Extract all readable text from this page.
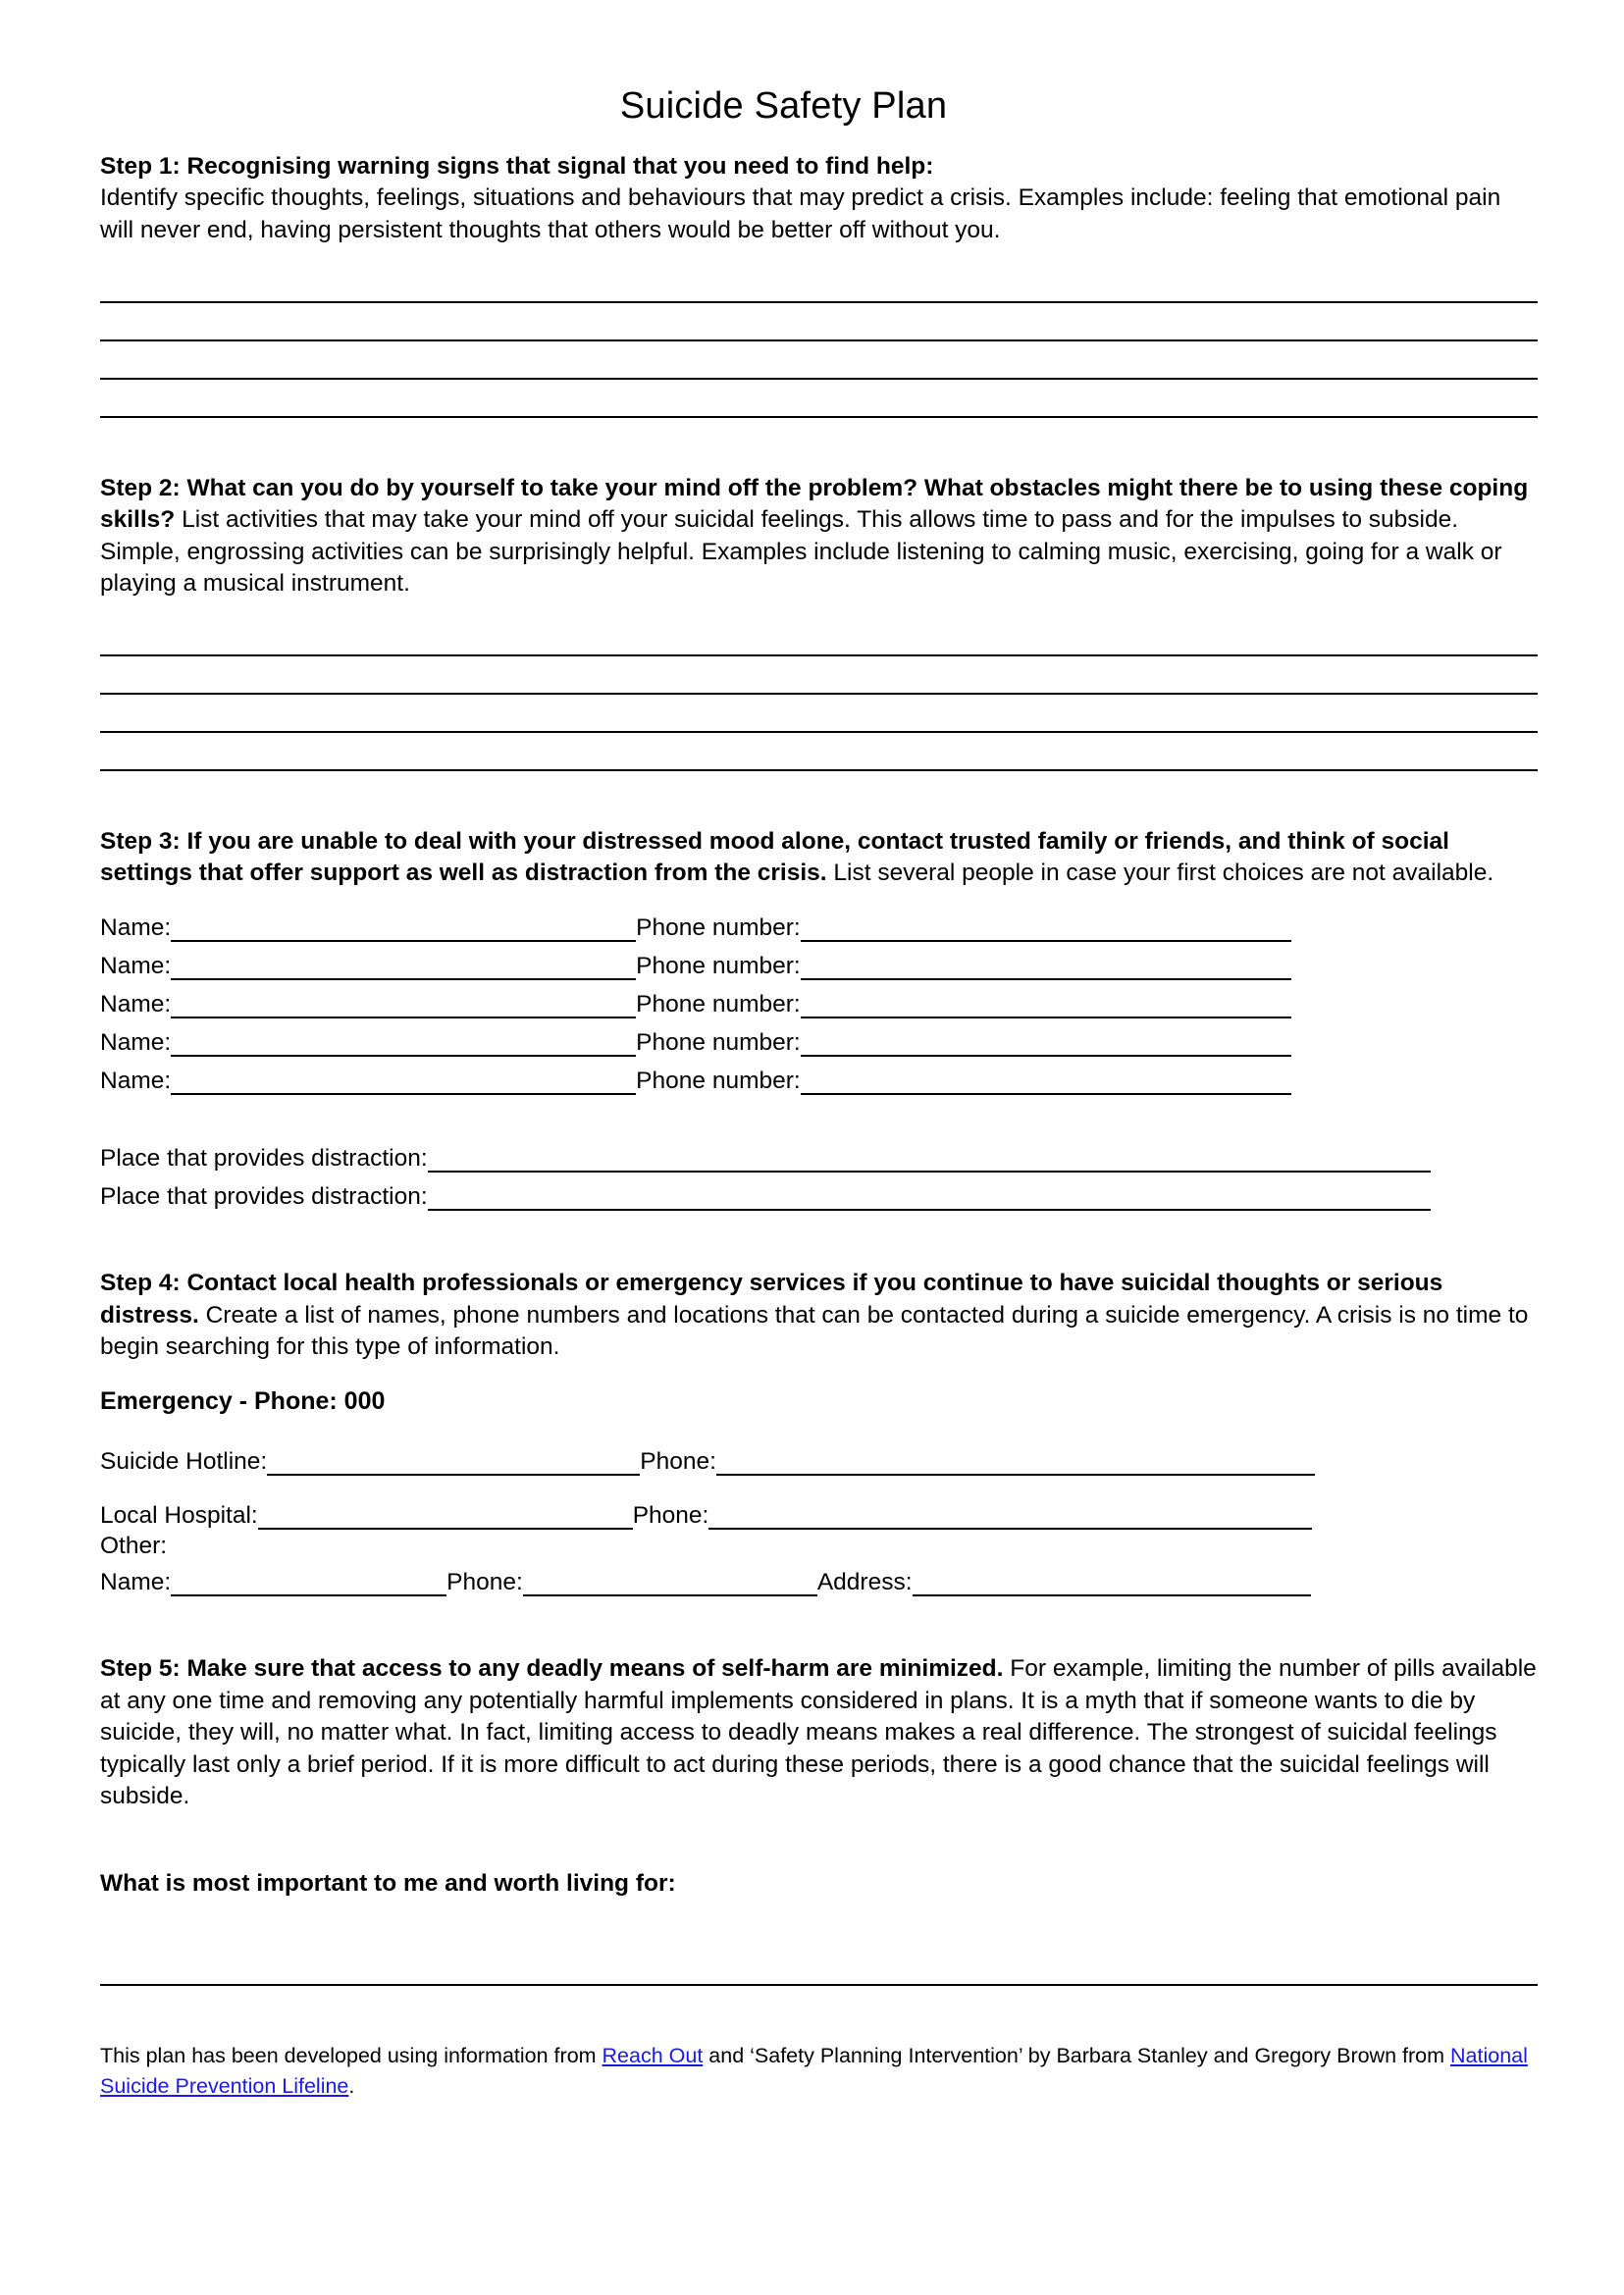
Suicide Safety Plan

Step 1: Recognising warning signs that signal that you need to find help:
Identify specific thoughts, feelings, situations and behaviours that may predict a crisis. Examples include: feeling that emotional pain will never end, having persistent thoughts that others would be better off without you.

Step 2: What can you do by yourself to take your mind off the problem? What obstacles might there be to using these coping skills? List activities that may take your mind off your suicidal feelings. This allows time to pass and for the impulses to subside. Simple, engrossing activities can be surprisingly helpful. Examples include listening to calming music, exercising, going for a walk or playing a musical instrument.

Step 3: If you are unable to deal with your distressed mood alone, contact trusted family or friends, and think of social settings that offer support as well as distraction from the crisis. List several people in case your first choices are not available.

Name:	Phone number:
Name:	Phone number:
Name:	Phone number:
Name:	Phone number:
Name:	Phone number:
Place that provides distraction:
Place that provides distraction:

Step 4: Contact local health professionals or emergency services if you continue to have suicidal thoughts or serious distress. Create a list of names, phone numbers and locations that can be contacted during a suicide emergency. A crisis is no time to begin searching for this type of information.

Emergency - Phone: 000

Suicide Hotline:	Phone:
Local Hospital:	Phone:

Other:

Name:	Phone:	Address:

Step 5: Make sure that access to any deadly means of self-harm are minimized. For example, limiting the number of pills available at any one time and removing any potentially harmful implements considered in plans. It is a myth that if someone wants to die by suicide, they will, no matter what. In fact, limiting access to deadly means makes a real difference. The strongest of suicidal feelings typically last only a brief period. If it is more difficult to act during these periods, there is a good chance that the suicidal feelings will subside.

What is most important to me and worth living for:

This plan has been developed using information from Reach Out and ‘Safety Planning Intervention’ by Barbara Stanley and Gregory Brown from National Suicide Prevention Lifeline.
